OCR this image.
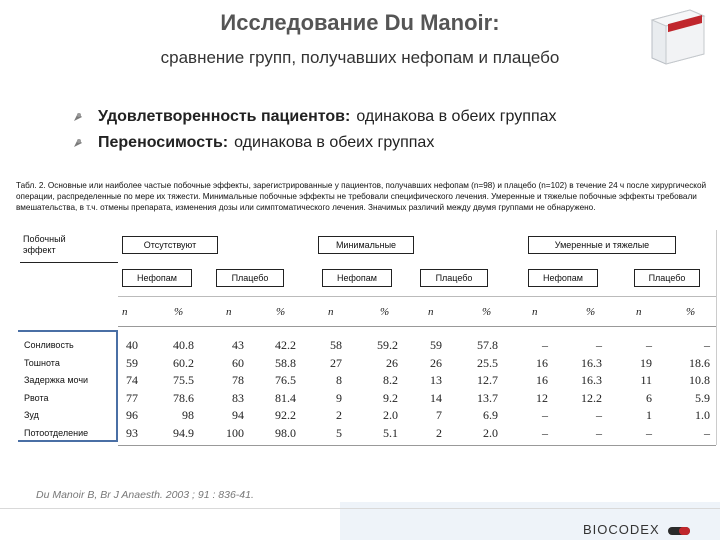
Исследование Du Manoir:
сравнение групп, получавших нефопам и плацебо
ACUPAN
Удовлетворенность пациентов: одинакова в обеих группах
Переносимость: одинакова в обеих группах
Табл. 2. Основные или наиболее частые побочные эффекты, зарегистрированные у пациентов, получавших нефопам (n=98) и плацебо (n=102) в течение 24 ч после хирургической операции, распределенные по мере их тяжести. Минимальные побочные эффекты не требовали специфического лечения. Умеренные и тяжелые побочные эффекты требовали вмешательства, в т.ч. отмены препарата, изменения дозы или симптоматического лечения. Значимых различий между двумя группами не обнаружено.
Побочный
эффект	Отсутствуют	Минимальные	Умеренные и тяжелые
Нефопам	Плацебо	Нефопам	Плацебо	Нефопам	Плацебо
n	%	n	%	n	%	n	%	n	%	n	%
Сонливость	40	40.8	43	42.2	58	59.2	59	57.8	–	–	–	–
Тошнота	59	60.2	60	58.8	27	26	26	25.5	16	16.3	19	18.6
Задержка мочи	74	75.5	78	76.5	8	8.2	13	12.7	16	16.3	11	10.8
Рвота	77	78.6	83	81.4	9	9.2	14	13.7	12	12.2	6	5.9
Зуд	96	98	94	92.2	2	2.0	7	6.9	–	–	1	1.0
Потоотделение	93	94.9	100	98.0	5	5.1	2	2.0	–	–	–	–
Du Manoir B, Br J Anaesth. 2003 ; 91 : 836-41.
BIOCODEX
